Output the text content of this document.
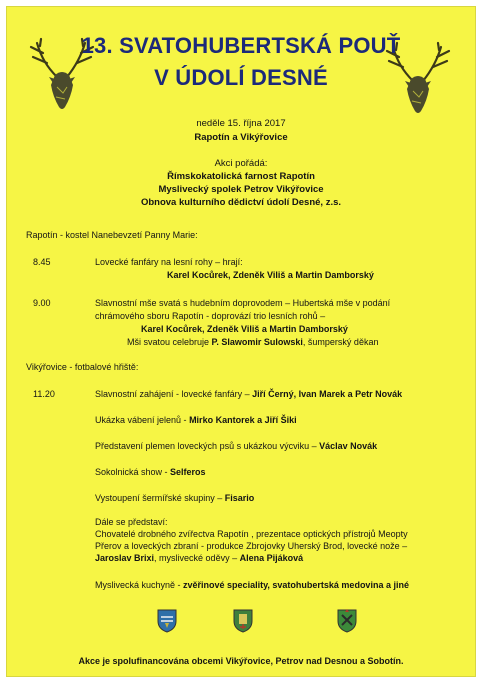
13. SVATOHUBERTSKÁ POUŤ
V ÚDOLÍ DESNÉ
neděle 15. října 2017
Rapotín a Vikýřovice
Akci pořádá:
Římskokatolická farnost Rapotín
Myslivecký spolek Petrov Vikýřovice
Obnova kulturního dědictví údolí Desné, z.s.
Rapotín - kostel Nanebevzetí Panny Marie:
8.45	Lovecké fanfáry na lesní rohy – hrají:
Karel Kocůrek, Zdeněk Viliš a Martin Damborský
9.00	Slavnostní mše svatá s hudebním doprovodem – Hubertská mše v podání
chrámového sboru Rapotín - doprovází trio lesních rohů –
Karel Kocůrek, Zdeněk Viliš a Martin Damborský
Mši svatou celebruje P. Slawomir Sulowski, šumperský děkan
Vikýřovice - fotbalové hřiště:
11.20	Slavnostní zahájení - lovecké fanfáry – Jiří Černý, Ivan Marek a Petr Novák
Ukázka vábení jelenů - Mirko Kantorek a Jiří Šiki
Představení plemen loveckých psů s ukázkou výcviku – Václav Novák
Sokolnická show - Selferos
Vystoupení šermířské skupiny – Fisario
Dále se představí:
Chovatelé drobného zvířectva Rapotín , prezentace optických přístrojů Meopty
Přerov a loveckých zbraní - produkce Zbrojovky Uherský Brod, lovecké nože –
Jaroslav Brixi, myslivecké oděvy – Alena Pijáková
Myslivecká kuchyně - zvěřinové speciality, svatohubertská medovina a jiné
Akce je spolufinancována obcemi Vikýřovice, Petrov nad Desnou a Sobotín.
